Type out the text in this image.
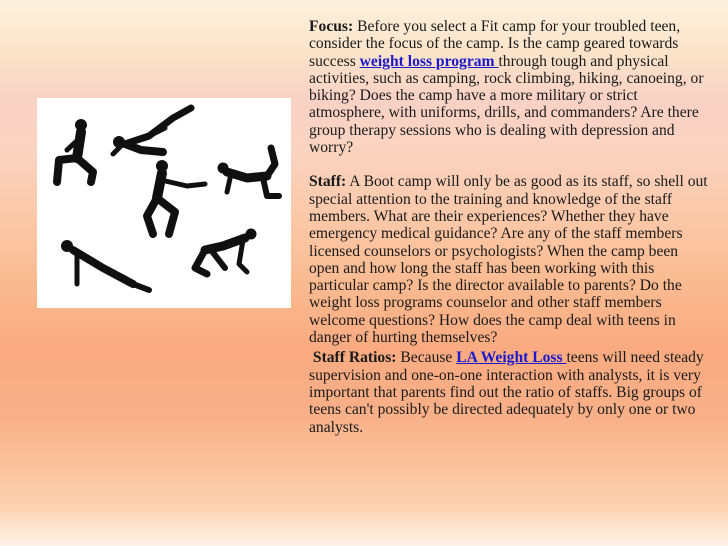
Focus: Before you select a Fit camp for your troubled teen, consider the focus of the camp. Is the camp geared towards success weight loss program through tough and physical activities, such as camping, rock climbing, hiking, canoeing, or biking? Does the camp have a more military or strict atmosphere, with uniforms, drills, and commanders? Are there group therapy sessions who is dealing with depression and worry?

Staff: A Boot camp will only be as good as its staff, so shell out special attention to the training and knowledge of the staff members. What are their experiences? Whether they have emergency medical guidance? Are any of the staff members licensed counselors or psychologists? When the camp been open and how long the staff has been working with this particular camp? Is the director available to parents? Do the weight loss programs counselor and other staff members welcome questions? How does the camp deal with teens in danger of hurting themselves?

Staff Ratios: Because LA Weight Loss teens will need steady supervision and one-on-one interaction with analysts, it is very important that parents find out the ratio of staffs. Big groups of teens can't possibly be directed adequately by only one or two analysts.
